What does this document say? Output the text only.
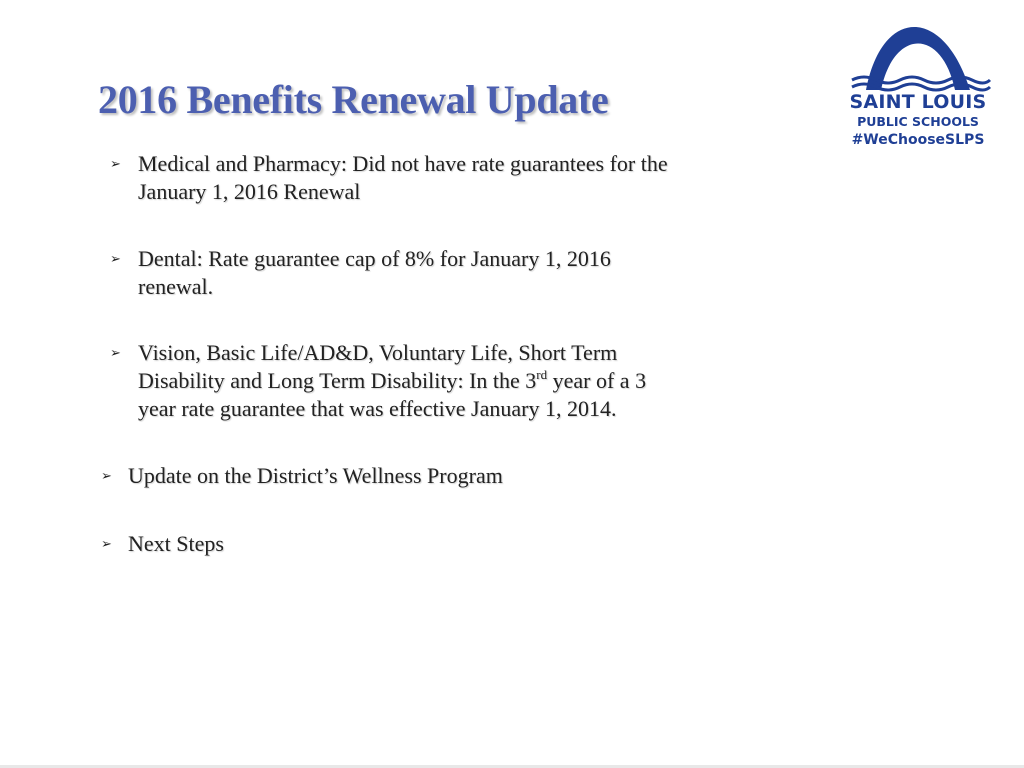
2016 Benefits Renewal Update	SAINT LOUIS
PUBLIC SCHOOLS
#WeChooseSLPS
➢ Medical and Pharmacy: Did not have rate guarantees for the
January 1, 2016 Renewal
➢ Dental: Rate guarantee cap of 8% for January 1, 2016
renewal.
➢ Vision, Basic Life/AD&D, Voluntary Life, Short Term
Disability and Long Term Disability: In the 3rd year of a 3
year rate guarantee that was effective January 1, 2014.
➢ Update on the District’s Wellness Program
➢ Next Steps
